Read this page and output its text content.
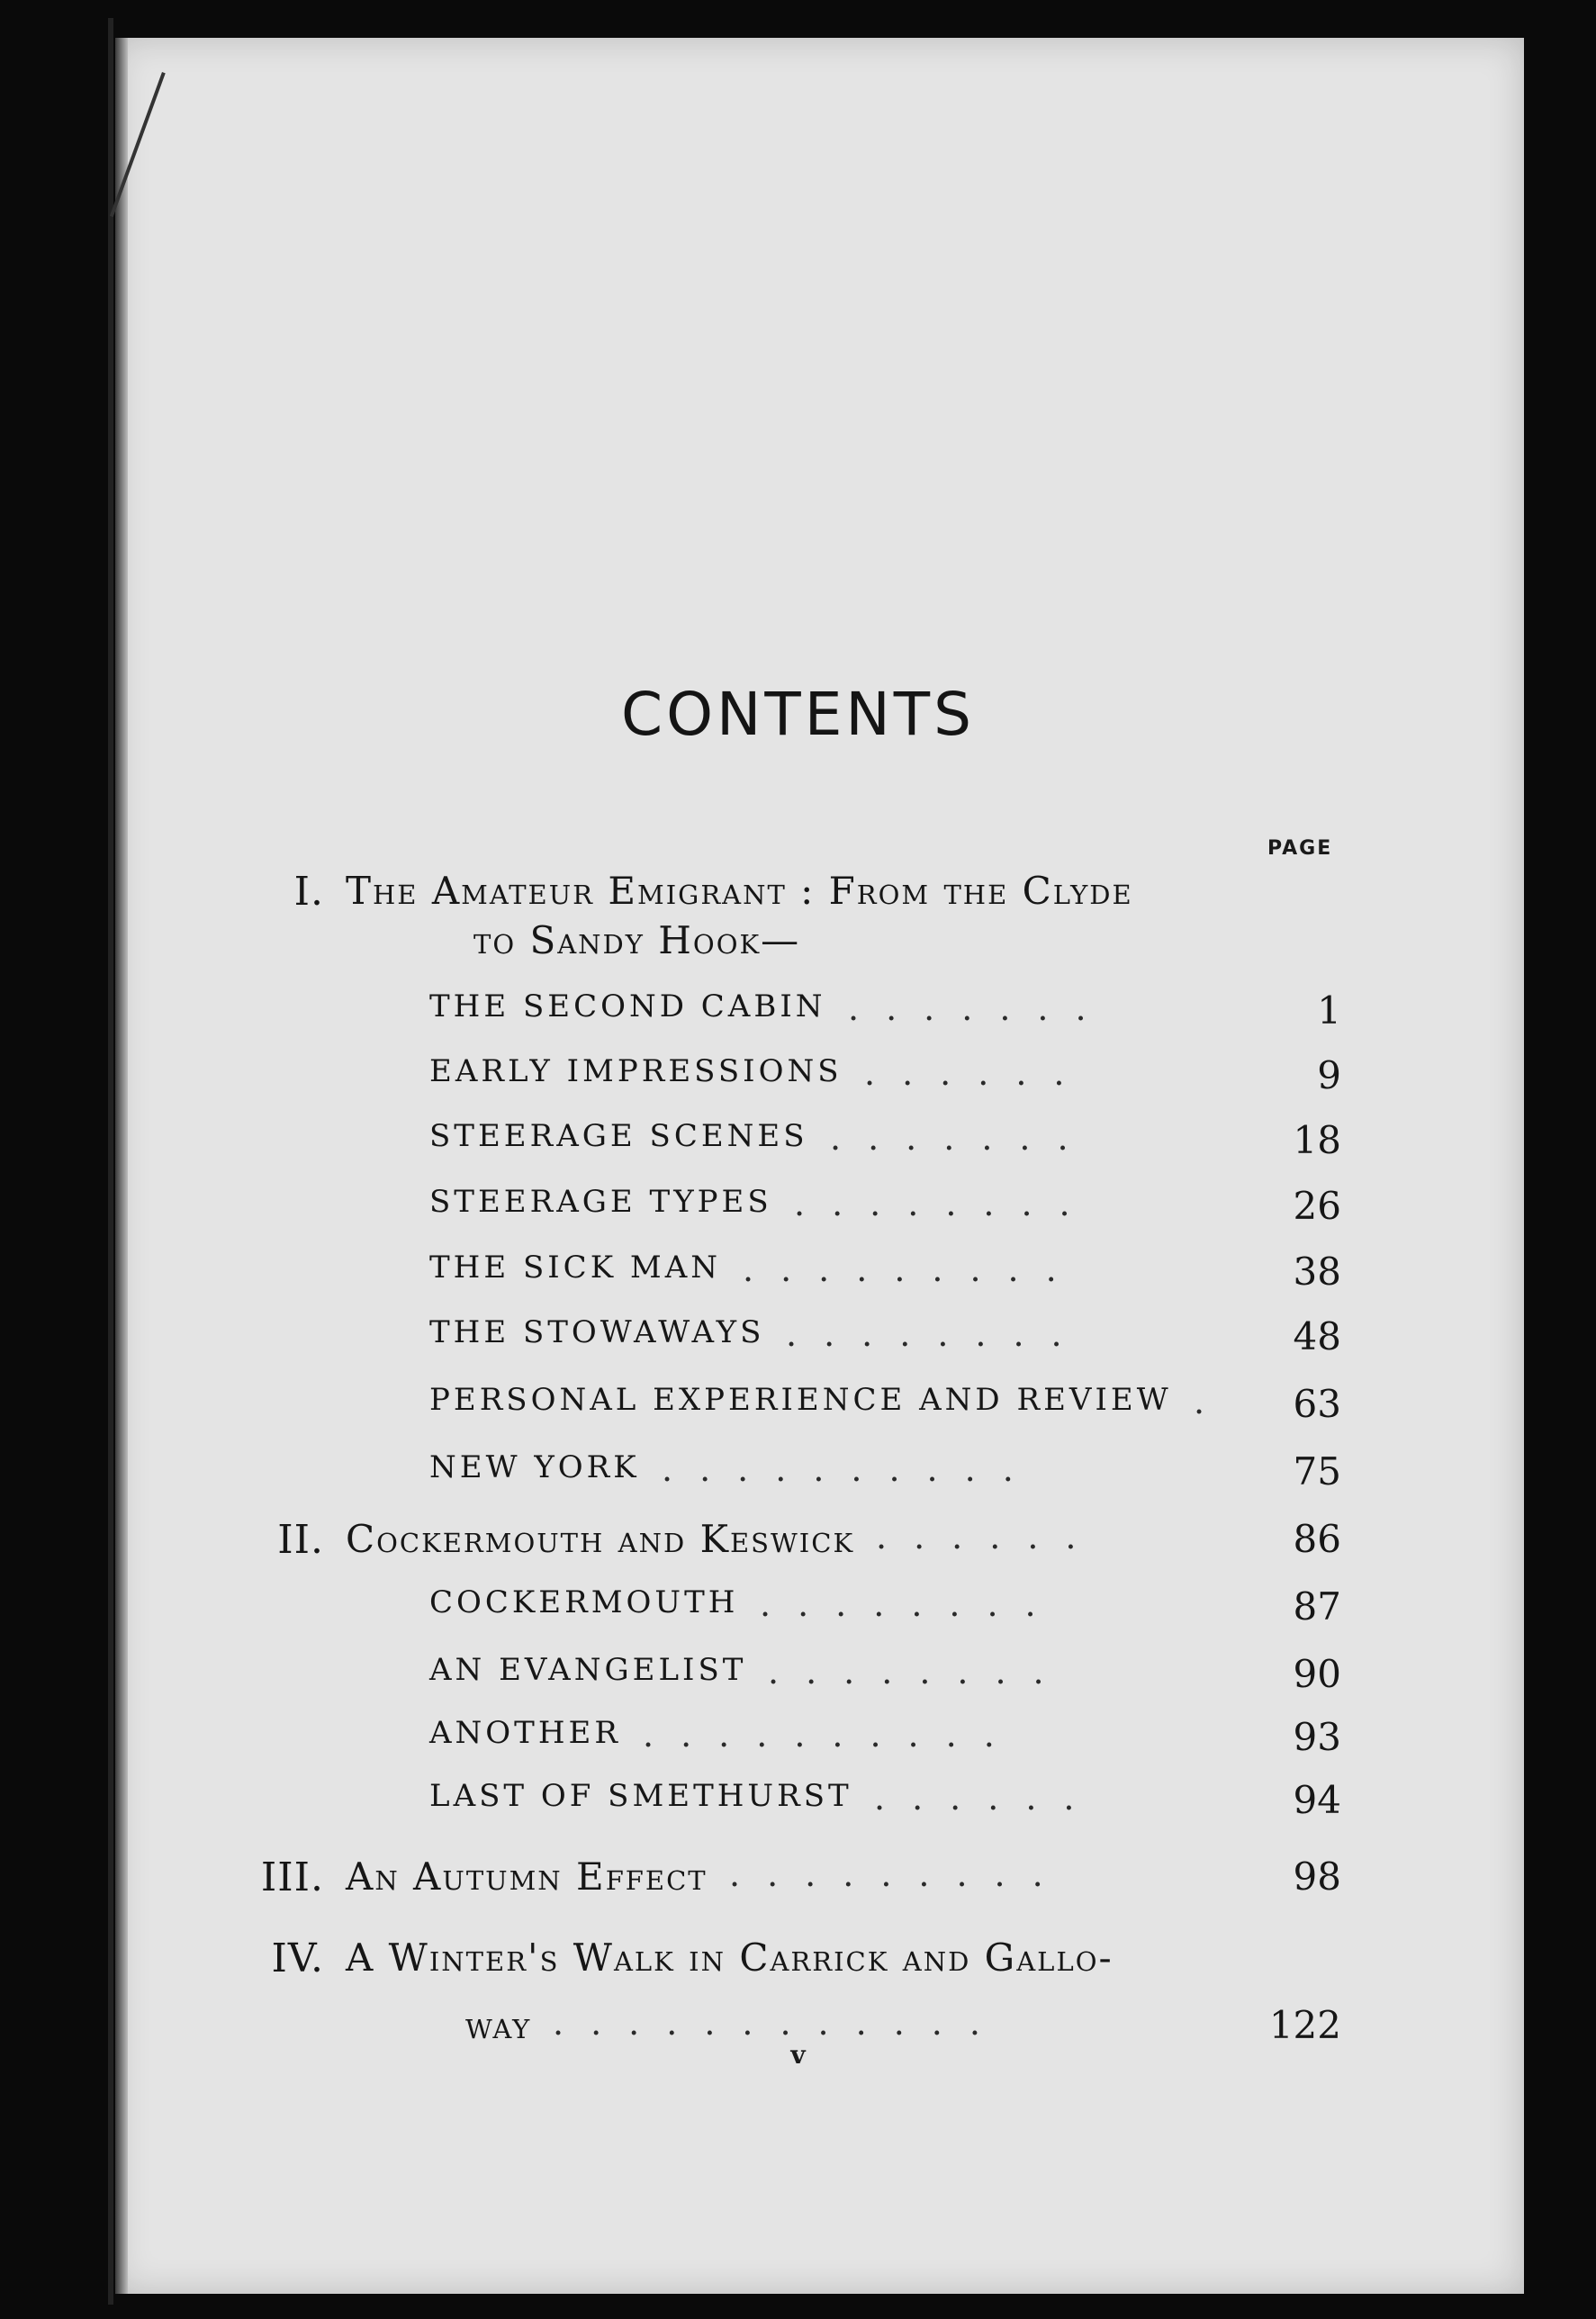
CONTENTS
PAGE
I. The Amateur Emigrant : From the Clyde
to Sandy Hook—
THE SECOND CABIN .......	1
EARLY IMPRESSIONS ......	9
STEERAGE SCENES .......	18
STEERAGE TYPES ........	26
THE SICK MAN .........	38
THE STOWAWAYS ........	48
PERSONAL EXPERIENCE AND REVIEW .	63
NEW YORK ..........	75
II. Cockermouth and Keswick ......	86
COCKERMOUTH ........	87
AN EVANGELIST ........	90
ANOTHER ..........	93
LAST OF SMETHURST ......	94
III. An Autumn Effect .........	98
IV. A Winter's Walk in Carrick and Gallo-
way ............	122
v
